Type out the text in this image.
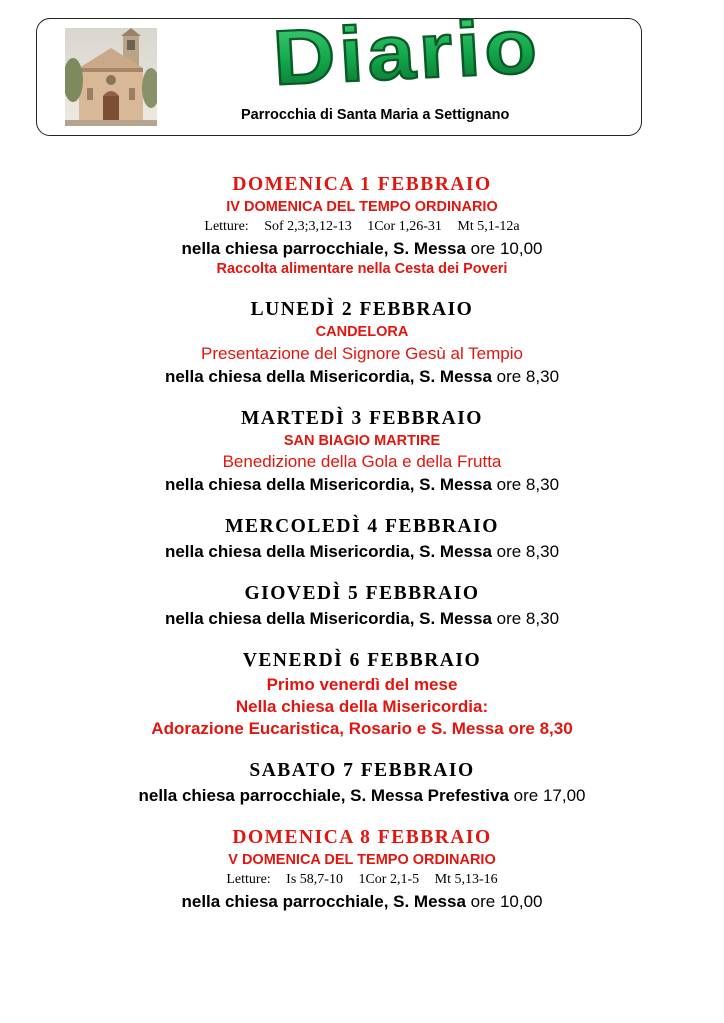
Diario
Parrocchia di Santa Maria a Settignano
DOMENICA 1 FEBBRAIO
IV DOMENICA DEL TEMPO ORDINARIO
Letture: Sof 2,3;3,12-13 1Cor 1,26-31 Mt 5,1-12a
nella chiesa parrocchiale, S. Messa ore 10,00
Raccolta alimentare nella Cesta dei Poveri
LUNEDÌ 2 FEBBRAIO
CANDELORA
Presentazione del Signore Gesù al Tempio
nella chiesa della Misericordia, S. Messa ore 8,30
MARTEDÌ 3 FEBBRAIO
SAN BIAGIO MARTIRE
Benedizione della Gola e della Frutta
nella chiesa della Misericordia, S. Messa ore 8,30
MERCOLEDÌ 4 FEBBRAIO
nella chiesa della Misericordia, S. Messa ore 8,30
GIOVEDÌ 5 FEBBRAIO
nella chiesa della Misericordia, S. Messa ore 8,30
VENERDÌ 6 FEBBRAIO
Primo venerdì del mese
Nella chiesa della Misericordia:
Adorazione Eucaristica, Rosario e S. Messa ore 8,30
SABATO 7 FEBBRAIO
nella chiesa parrocchiale, S. Messa Prefestiva ore 17,00
DOMENICA 8 FEBBRAIO
V DOMENICA DEL TEMPO ORDINARIO
Letture: Is 58,7-10 1Cor 2,1-5 Mt 5,13-16
nella chiesa parrocchiale, S. Messa ore 10,00
